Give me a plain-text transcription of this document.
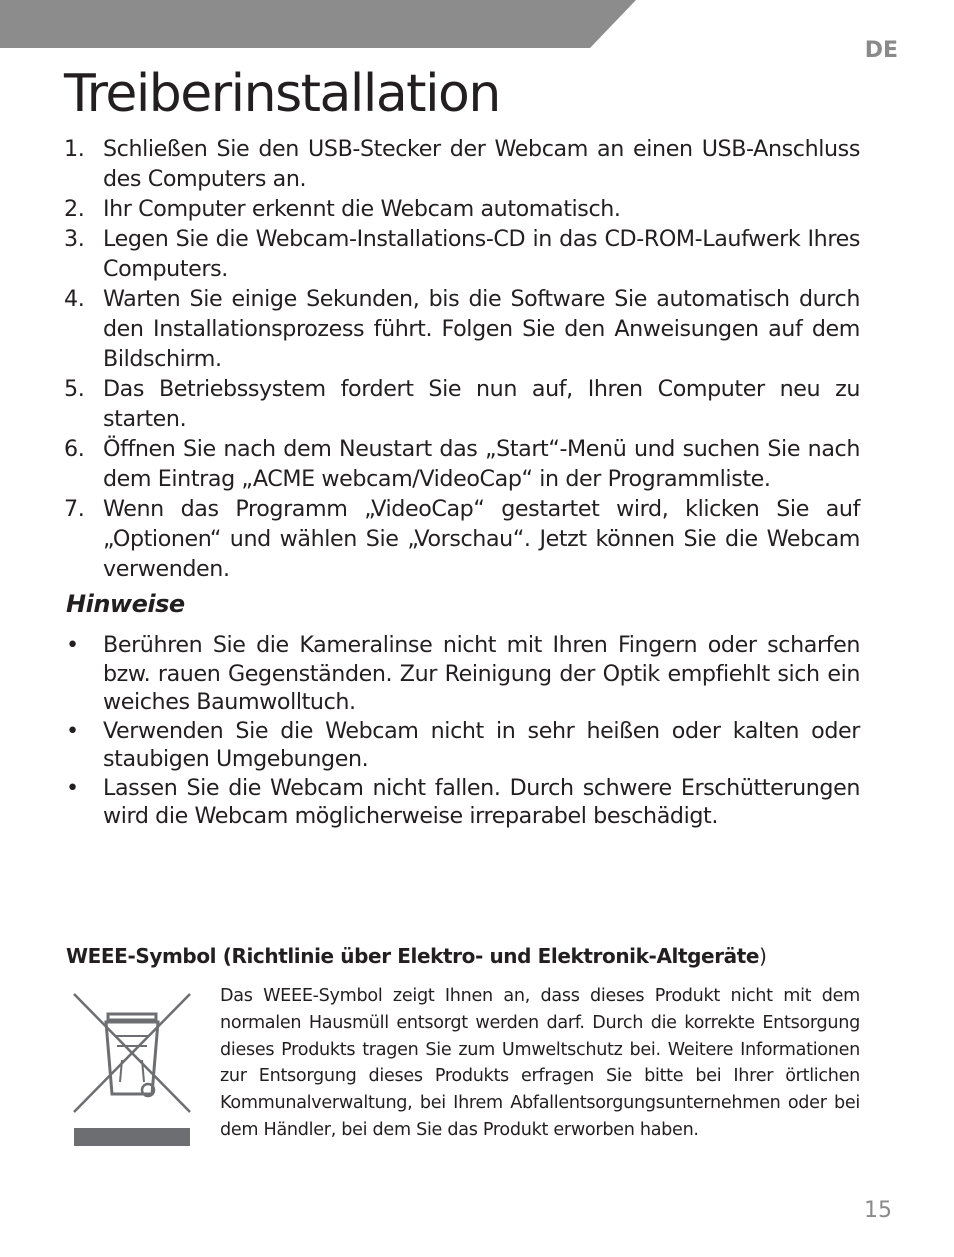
DE
Treiberinstallation
1. Schließen Sie den USB-Stecker der Webcam an einen USB-Anschluss des Computers an.
2. Ihr Computer erkennt die Webcam automatisch.
3. Legen Sie die Webcam-Installations-CD in das CD-ROM-Laufwerk Ihres Computers.
4. Warten Sie einige Sekunden, bis die Software Sie automatisch durch den Installationsprozess führt. Folgen Sie den Anweisungen auf dem Bildschirm.
5. Das Betriebssystem fordert Sie nun auf, Ihren Computer neu zu starten.
6. Öffnen Sie nach dem Neustart das „Start“-Menü und suchen Sie nach dem Eintrag „ACME webcam/VideoCap“ in der Programmliste.
7. Wenn das Programm „VideoCap“ gestartet wird, klicken Sie auf „Optionen“ und wählen Sie „Vorschau“. Jetzt können Sie die Webcam verwenden.
Hinweise
• Berühren Sie die Kameralinse nicht mit Ihren Fingern oder scharfen bzw. rauen Gegenständen. Zur Reinigung der Optik empfiehlt sich ein weiches Baumwolltuch.
• Verwenden Sie die Webcam nicht in sehr heißen oder kalten oder staubigen Umgebungen.
• Lassen Sie die Webcam nicht fallen. Durch schwere Erschütterungen wird die Webcam möglicherweise irreparabel beschädigt.
WEEE-Symbol (Richtlinie über Elektro- und Elektronik-Altgeräte)

Das WEEE-Symbol zeigt Ihnen an, dass dieses Produkt nicht mit dem normalen Hausmüll entsorgt werden darf. Durch die korrekte Entsorgung dieses Produkts tragen Sie zum Umweltschutz bei. Weitere Informationen zur Entsorgung dieses Produkts erfragen Sie bitte bei Ihrer örtlichen Kommunalverwaltung, bei Ihrem Abfallentsorgungsunternehmen oder bei dem Händler, bei dem Sie das Produkt erworben haben.

15
